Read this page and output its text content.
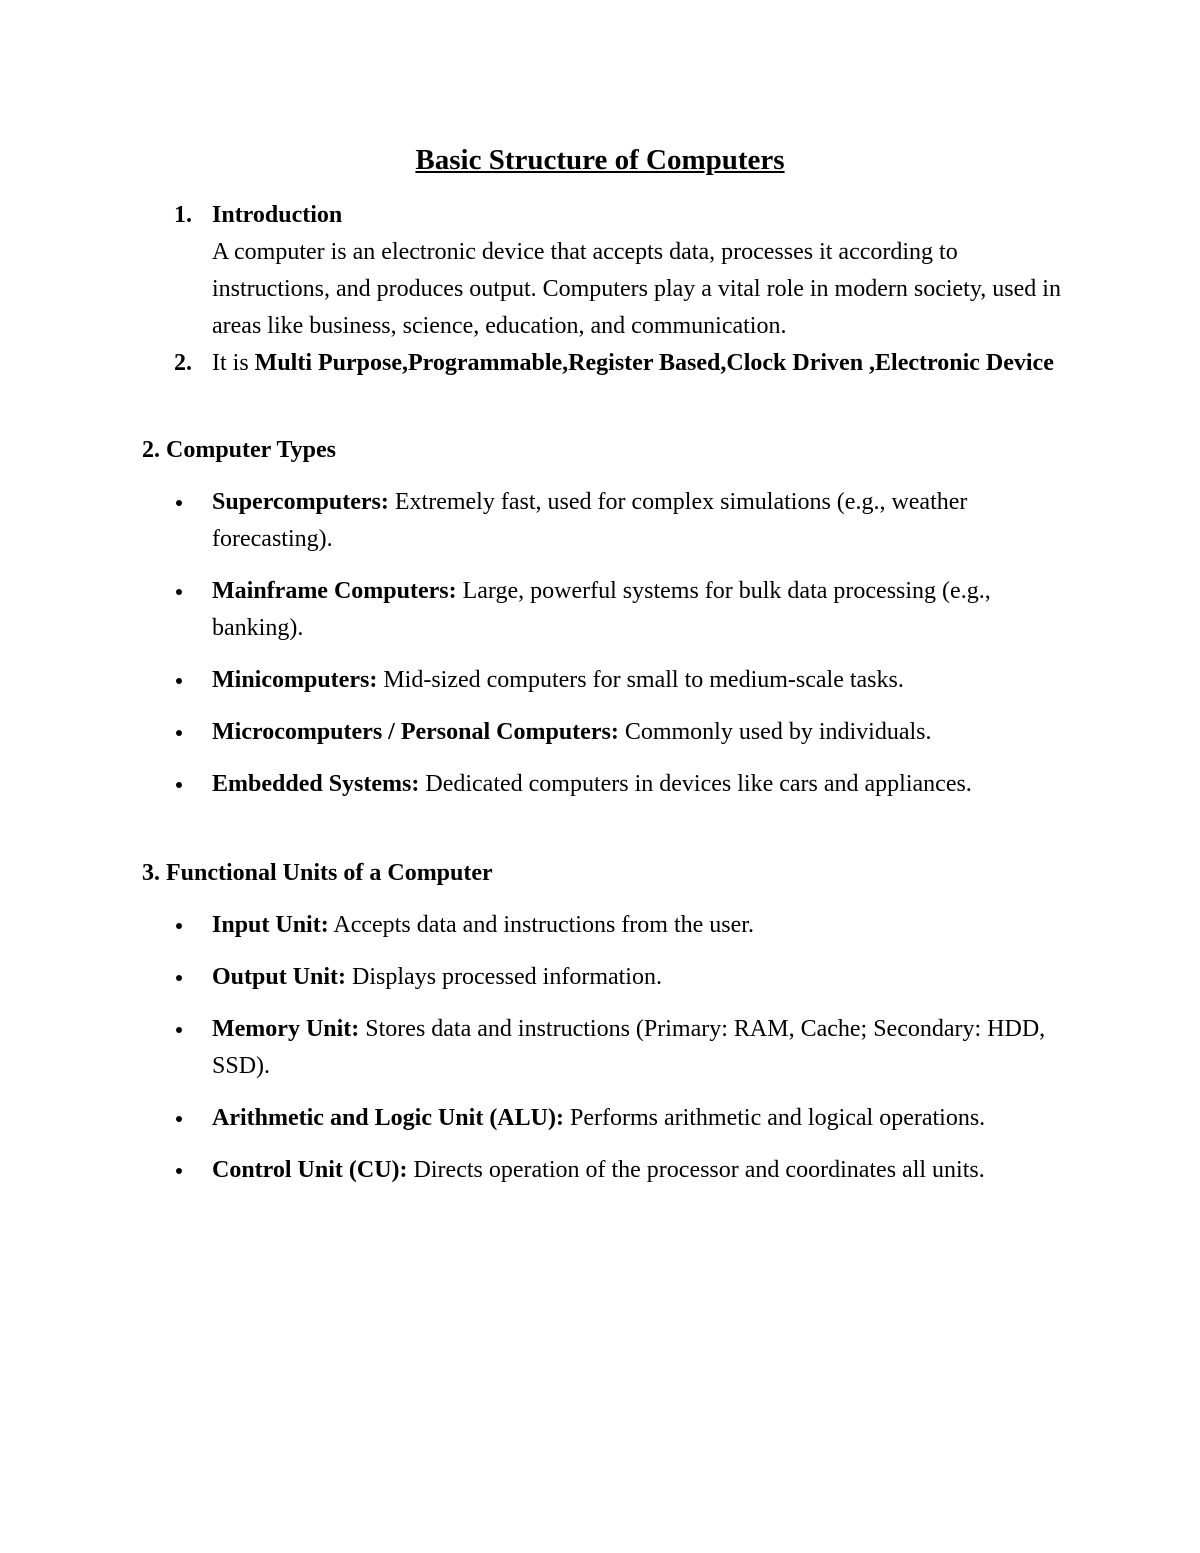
Basic Structure of Computers
1. Introduction
A computer is an electronic device that accepts data, processes it according to instructions, and produces output. Computers play a vital role in modern society, used in areas like business, science, education, and communication.
2. It is Multi Purpose,Programmable,Register Based,Clock Driven ,Electronic Device
2. Computer Types
Supercomputers: Extremely fast, used for complex simulations (e.g., weather forecasting).
Mainframe Computers: Large, powerful systems for bulk data processing (e.g., banking).
Minicomputers: Mid-sized computers for small to medium-scale tasks.
Microcomputers / Personal Computers: Commonly used by individuals.
Embedded Systems: Dedicated computers in devices like cars and appliances.
3. Functional Units of a Computer
Input Unit: Accepts data and instructions from the user.
Output Unit: Displays processed information.
Memory Unit: Stores data and instructions (Primary: RAM, Cache; Secondary: HDD, SSD).
Arithmetic and Logic Unit (ALU): Performs arithmetic and logical operations.
Control Unit (CU): Directs operation of the processor and coordinates all units.
